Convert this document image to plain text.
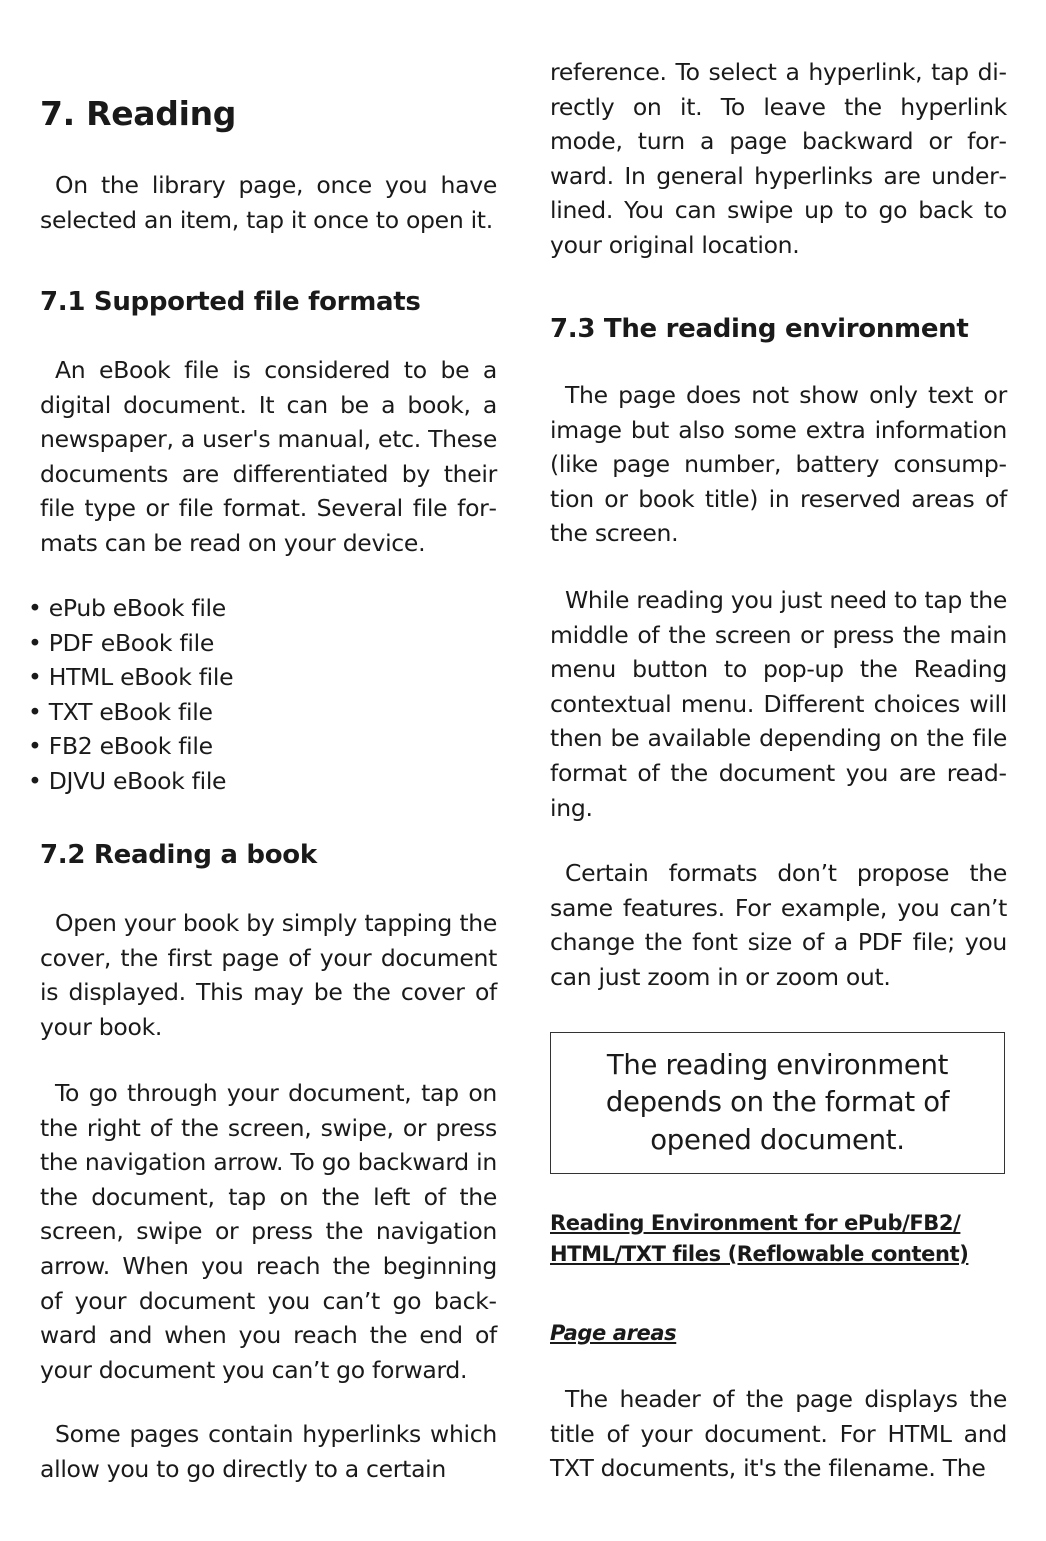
7. Reading

On the library page, once you have selected an item, tap it once to open it.

7.1 Supported file formats

An eBook file is considered to be a digital document. It can be a book, a newspaper, a user's manual, etc. These documents are differentiated by their file type or file format. Several file formats can be read on your device.

• ePub eBook file
• PDF eBook file
• HTML eBook file
• TXT eBook file
• FB2 eBook file
• DJVU eBook file
7.2 Reading a book

Open your book by simply tapping the cover, the first page of your document is displayed. This may be the cover of your book.

To go through your document, tap on the right of the screen, swipe, or press the navigation arrow. To go backward in the document, tap on the left of the screen, swipe or press the navigation arrow. When you reach the beginning of your document you can’t go backward and when you reach the end of your document you can’t go forward.

Some pages contain hyperlinks which allow you to go directly to a certain

reference. To select a hyperlink, tap directly on it. To leave the hyperlink mode, turn a page backward or forward. In general hyperlinks are underlined. You can swipe up to go back to your original location.

7.3 The reading environment

The page does not show only text or image but also some extra information (like page number, battery consumption or book title) in reserved areas of the screen.

While reading you just need to tap the middle of the screen or press the main menu button to pop-up the Reading contextual menu. Different choices will then be available depending on the file format of the document you are reading.

Certain formats don’t propose the same features. For example, you can’t change the font size of a PDF file; you can just zoom in or zoom out.

The reading environment depends on the format of opened document.
Reading Environment for ePub/FB2/ HTML/TXT files (Reflowable content)
Page areas

The header of the page displays the title of your document. For HTML and TXT documents, it's the filename. The
